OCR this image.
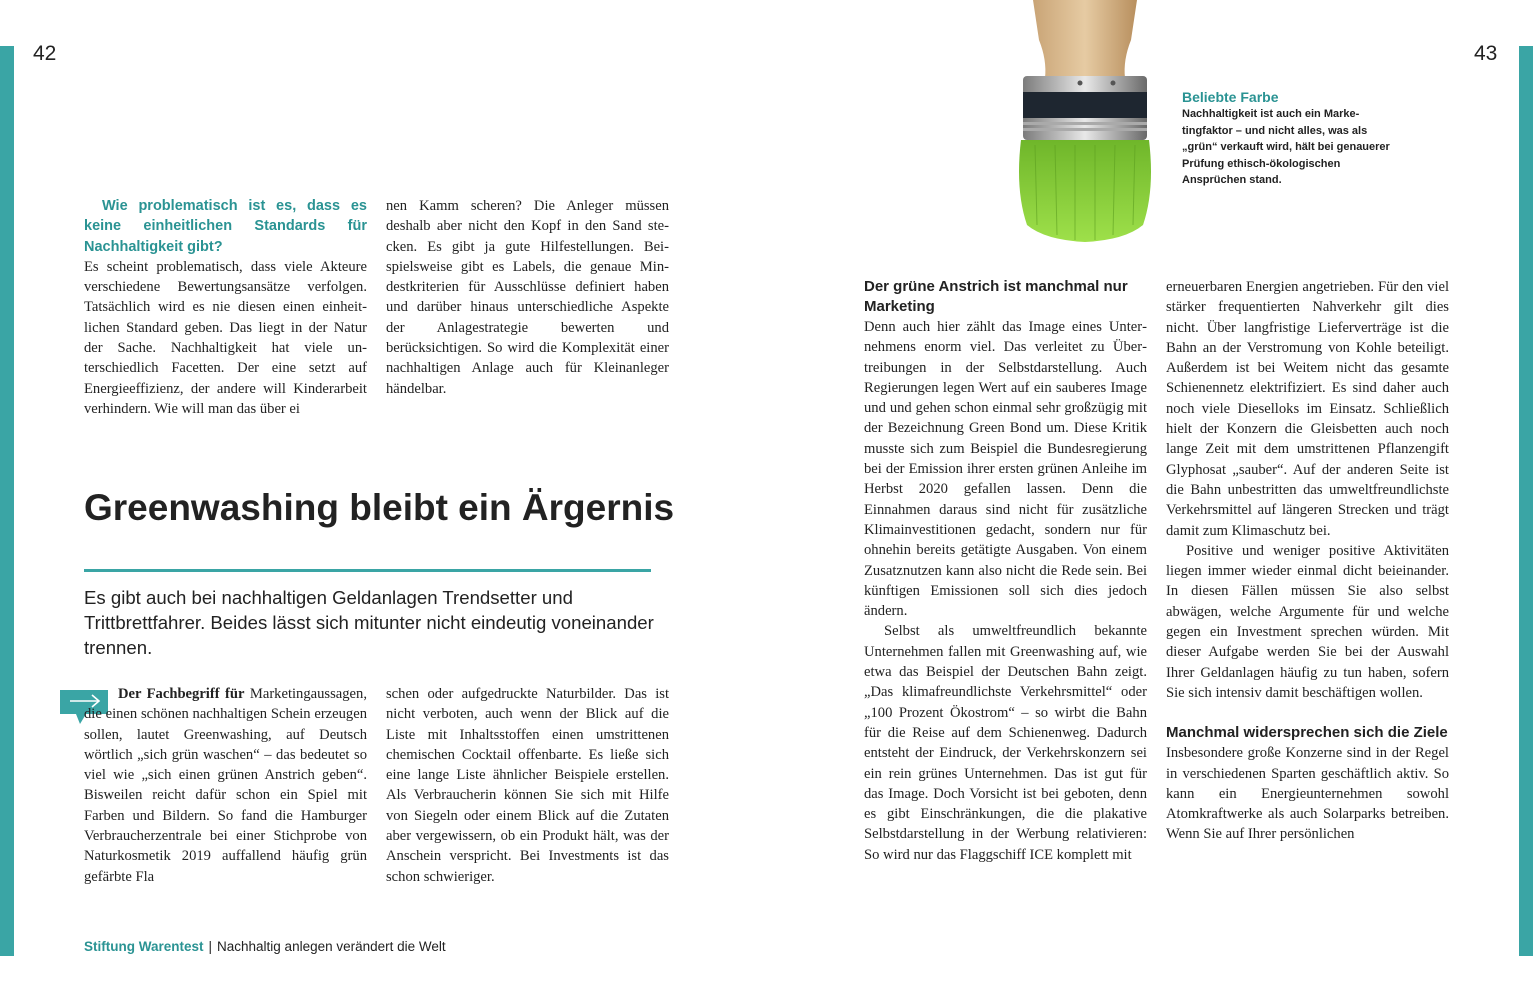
42	43

Wie problematisch ist es, dass es keine einheitlichen Standards für Nachhaltigkeit gibt?

Es scheint problematisch, dass viele Akteure verschiedene Bewertungsansätze verfolgen. Tatsächlich wird es nie diesen einen einheitlichen Standard geben. Das liegt in der Natur der Sache. Nachhaltigkeit hat viele unterschiedlich Facetten. Der eine setzt auf Energieeffizienz, der andere will Kinderarbeit verhindern. Wie will man das über ei

nen Kamm scheren? Die Anleger müssen deshalb aber nicht den Kopf in den Sand stecken. Es gibt ja gute Hilfestellungen. Beispielsweise gibt es Labels, die genaue Mindestkriterien für Ausschlüsse definiert haben und darüber hinaus unterschiedliche Aspekte der Anlagestrategie bewerten und berücksichtigen. So wird die Komplexität einer nachhaltigen Anlage auch für Kleinanleger händelbar.

Greenwashing bleibt ein Ärgernis
Es gibt auch bei nachhaltigen Geldanlagen Trendsetter und Trittbrettfahrer. Beides lässt sich mitunter nicht eindeutig voneinander trennen.

Der Fachbegriff für Marketingaussagen, die einen schönen nachhaltigen Schein erzeugen sollen, lautet Greenwashing, auf Deutsch wörtlich „sich grün waschen“ – das bedeutet so viel wie „sich einen grünen Anstrich geben“. Bisweilen reicht dafür schon ein Spiel mit Farben und Bildern. So fand die Hamburger Verbraucherzentrale bei einer Stichprobe von Naturkosmetik 2019 auffallend häufig grün gefärbte Fla

schen oder aufgedruckte Naturbilder. Das ist nicht verboten, auch wenn der Blick auf die Liste mit Inhaltsstoffen einen umstrittenen chemischen Cocktail offenbarte. Es ließe sich eine lange Liste ähnlicher Beispiele erstellen. Als Verbraucherin können Sie sich mit Hilfe von Siegeln oder einem Blick auf die Zutaten aber vergewissern, ob ein Produkt hält, was der Anschein verspricht. Bei Investments ist das schon schwieriger.

Stiftung Warentest | Nachhaltig anlegen verändert die Welt
Beliebte Farbe
Nachhaltigkeit ist auch ein Marketingfaktor – und nicht alles, was als „grün“ verkauft wird, hält bei genauerer Prüfung ethisch-ökologischen Ansprüchen stand.

Der grüne Anstrich ist manchmal nur Marketing

Denn auch hier zählt das Image eines Unternehmens enorm viel. Das verleitet zu Übertreibungen in der Selbstdarstellung. Auch Regierungen legen Wert auf ein sauberes Image und und gehen schon einmal sehr großzügig mit der Bezeichnung Green Bond um. Diese Kritik musste sich zum Beispiel die Bundesregierung bei der Emission ihrer ersten grünen Anleihe im Herbst 2020 gefallen lassen. Denn die Einnahmen daraus sind nicht für zusätzliche Klimainvestitionen gedacht, sondern nur für ohnehin bereits getätigte Ausgaben. Von einem Zusatznutzen kann also nicht die Rede sein. Bei künftigen Emissionen soll sich dies jedoch ändern.

Selbst als umweltfreundlich bekannte Unternehmen fallen mit Greenwashing auf, wie etwa das Beispiel der Deutschen Bahn zeigt. „Das klimafreundlichste Verkehrsmittel“ oder „100 Prozent Ökostrom“ – so wirbt die Bahn für die Reise auf dem Schienenweg. Dadurch entsteht der Eindruck, der Verkehrskonzern sei ein rein grünes Unternehmen. Das ist gut für das Image. Doch Vorsicht ist bei geboten, denn es gibt Einschränkungen, die die plakative Selbstdarstellung in der Werbung relativieren: So wird nur das Flaggschiff ICE komplett mit

erneuerbaren Energien angetrieben. Für den viel stärker frequentierten Nahverkehr gilt dies nicht. Über langfristige Lieferverträge ist die Bahn an der Verstromung von Kohle beteiligt. Außerdem ist bei Weitem nicht das gesamte Schienennetz elektrifiziert. Es sind daher auch noch viele Dieselloks im Einsatz. Schließlich hielt der Konzern die Gleisbetten auch noch lange Zeit mit dem umstrittenen Pflanzengift Glyphosat „sauber“. Auf der anderen Seite ist die Bahn unbestritten das umweltfreundlichste Verkehrsmittel auf längeren Strecken und trägt damit zum Klimaschutz bei.

Positive und weniger positive Aktivitäten liegen immer wieder einmal dicht beieinander. In diesen Fällen müssen Sie also selbst abwägen, welche Argumente für und welche gegen ein Investment sprechen würden. Mit dieser Aufgabe werden Sie bei der Auswahl Ihrer Geldanlagen häufig zu tun haben, sofern Sie sich intensiv damit beschäftigen wollen.

Manchmal widersprechen sich die Ziele

Insbesondere große Konzerne sind in der Regel in verschiedenen Sparten geschäftlich aktiv. So kann ein Energieunternehmen sowohl Atomkraftwerke als auch Solarparks betreiben. Wenn Sie auf Ihrer persönlichen
